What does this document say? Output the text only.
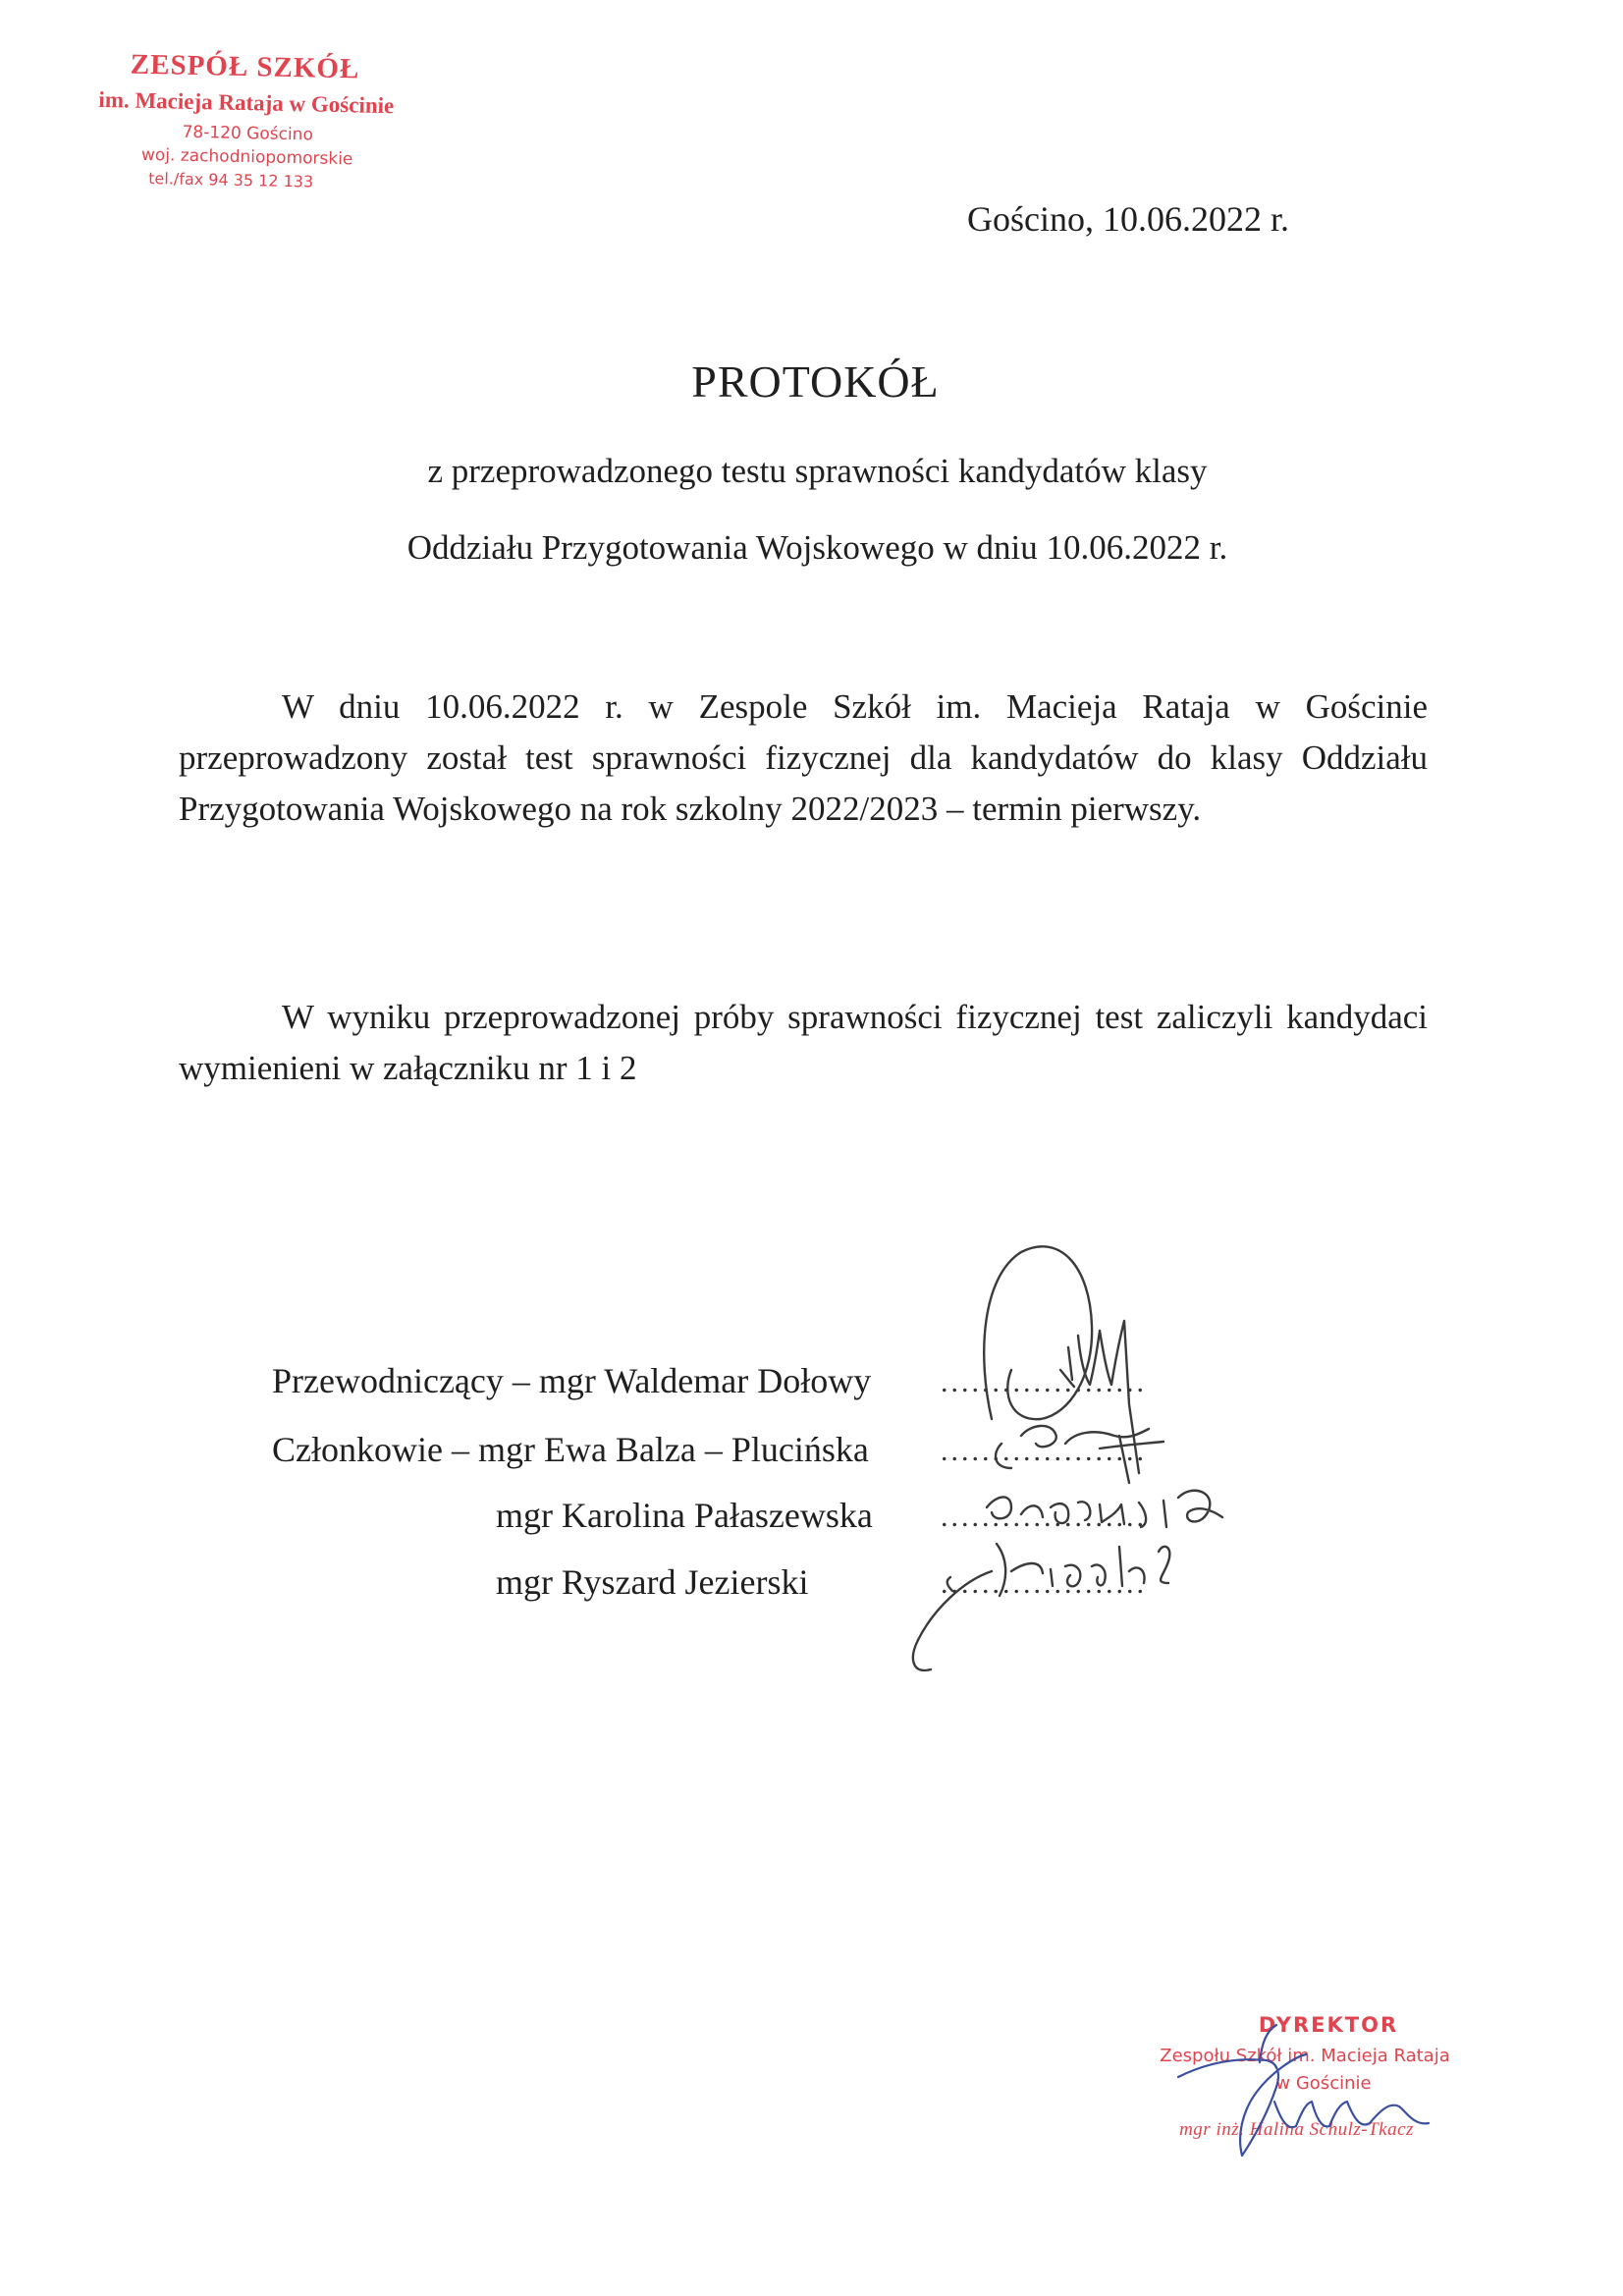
ZESPÓŁ SZKÓŁ
im. Macieja Rataja w Gościnie
78-120 Gościno
woj. zachodniopomorskie
tel./fax 94 35 12 133
Gościno, 10.06.2022 r.
PROTOKÓŁ
z przeprowadzonego testu sprawności kandydatów klasy
Oddziału Przygotowania Wojskowego w dniu 10.06.2022 r.
W dniu 10.06.2022 r. w Zespole Szkół im. Macieja Rataja w Gościnie przeprowadzony został test sprawności fizycznej dla kandydatów do klasy Oddziału Przygotowania Wojskowego na rok szkolny 2022/2023 – termin pierwszy.
W wyniku przeprowadzonej próby sprawności fizycznej test zaliczyli kandydaci wymienieni w załączniku nr 1 i 2
Przewodniczący – mgr Waldemar Dołowy ....................
Członkowie – mgr Ewa Balza – Plucińska ....................
mgr Karolina Pałaszewska ....................
mgr Ryszard Jezierski	....................
DYREKTOR
Zespołu Szkół im. Macieja Rataja
w Gościnie
mgr inż. Halina Schulz-Tkacz
